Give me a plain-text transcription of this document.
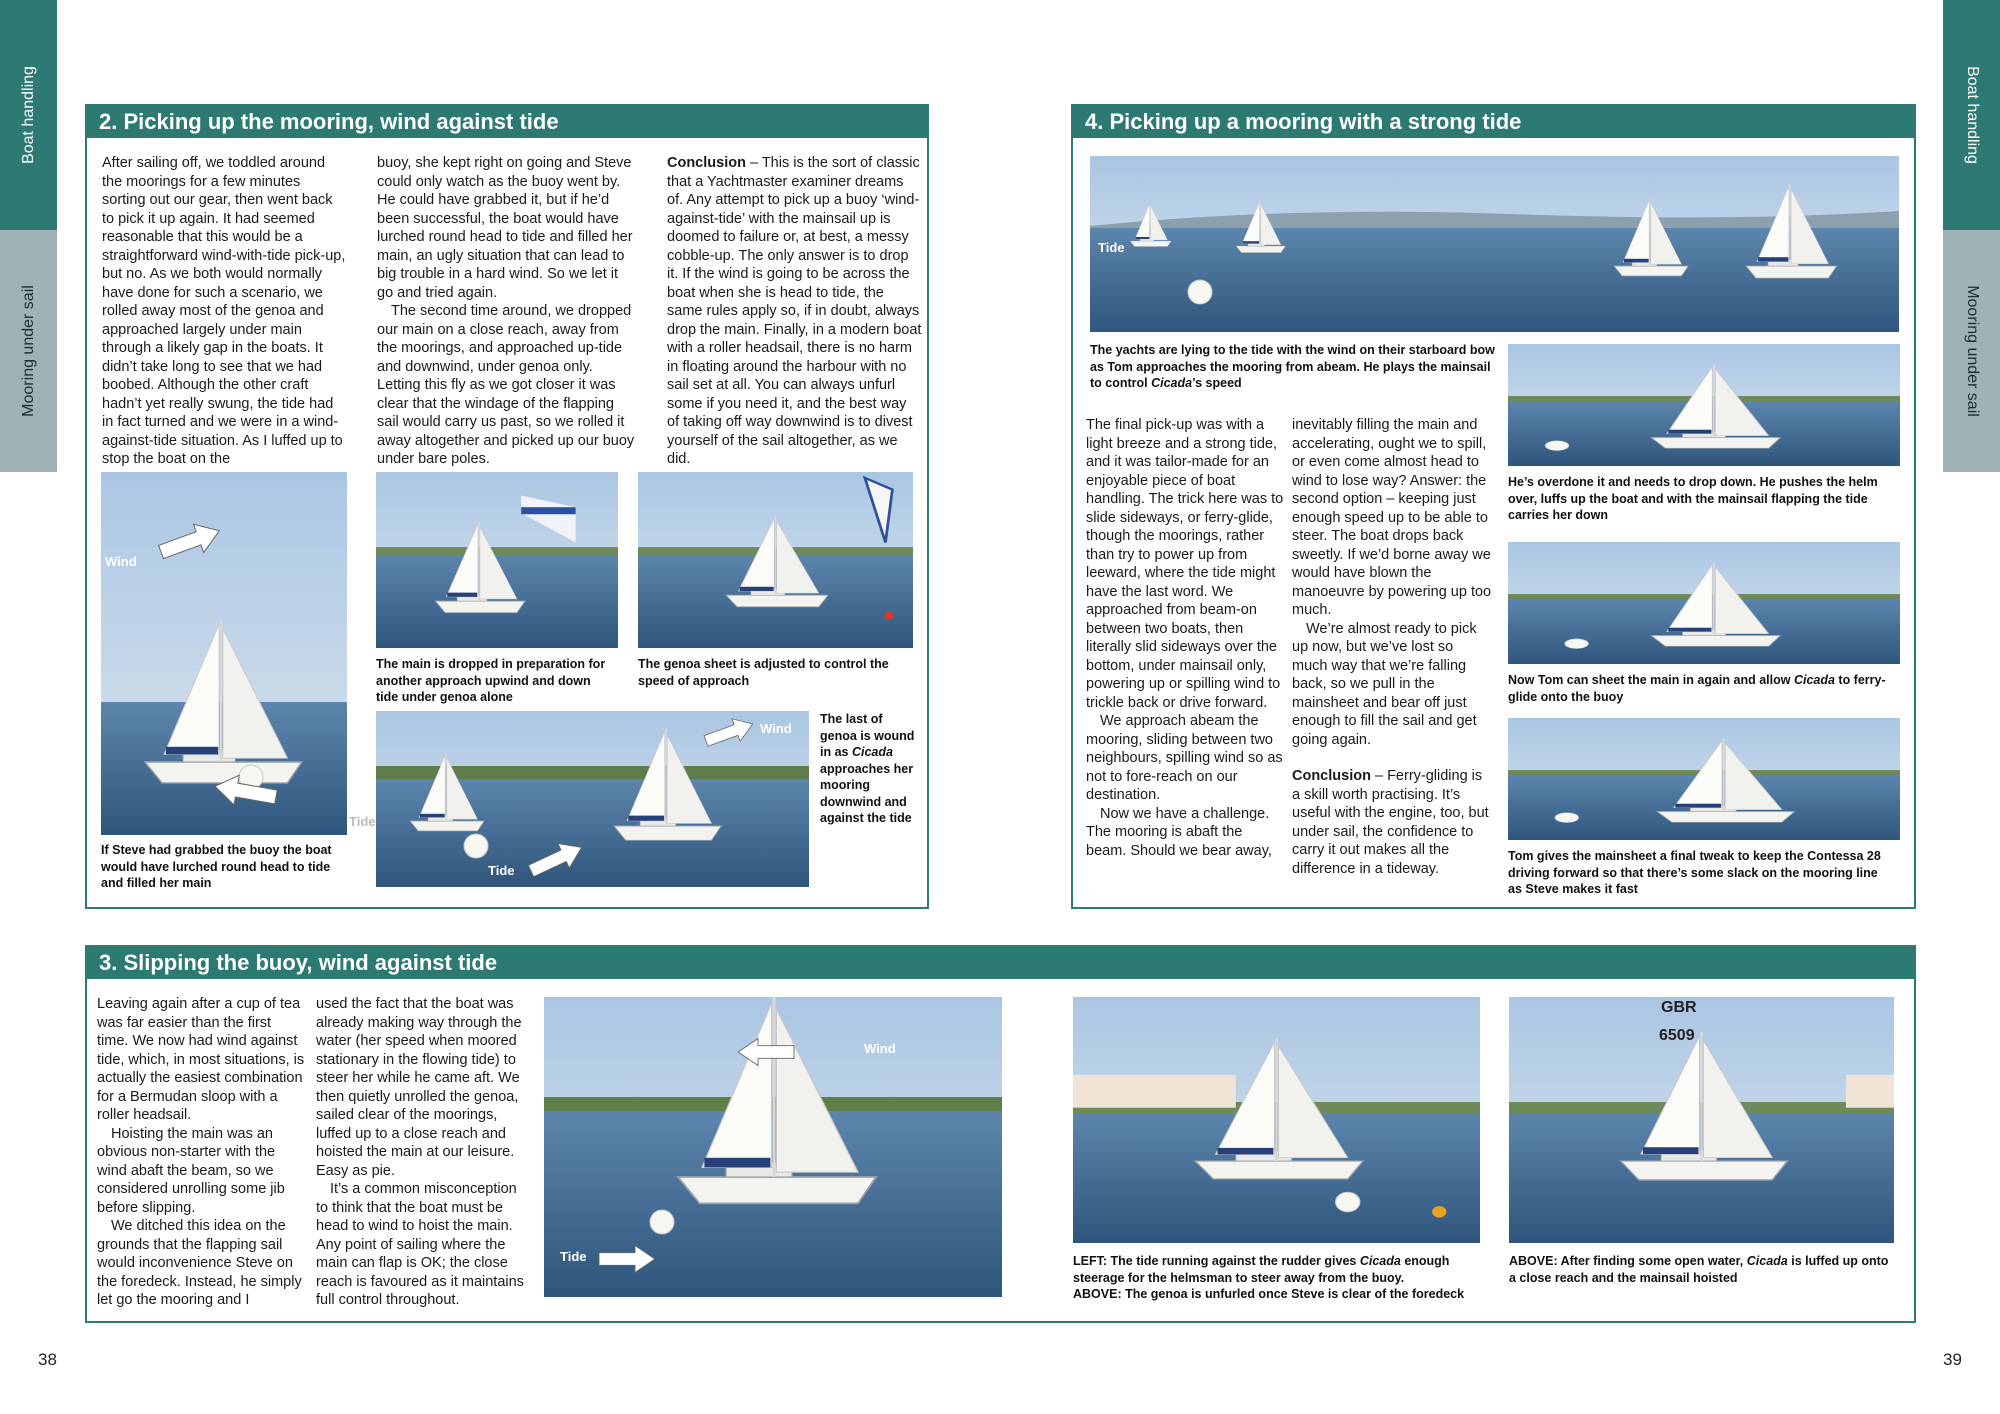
Boat handling
Mooring under sail
Boat handling
Mooring under sail
2. Picking up the mooring, wind against tide

After sailing off, we toddled around the moorings for a few minutes sorting out our gear, then went back to pick it up again. It had seemed reasonable that this would be a straightforward wind-with-tide pick-up, but no. As we both would normally have done for such a scenario, we rolled away most of the genoa and approached largely under main through a likely gap in the boats. It didn’t take long to see that we had boobed. Although the other craft hadn’t yet really swung, the tide had in fact turned and we were in a wind-against-tide situation. As I luffed up to stop the boat on the

buoy, she kept right on going and Steve could only watch as the buoy went by. He could have grabbed it, but if he’d been successful, the boat would have lurched round head to tide and filled her main, an ugly situation that can lead to big trouble in a hard wind. So we let it go and tried again.

The second time around, we dropped our main on a close reach, away from the moorings, and approached up-tide and downwind, under genoa only. Letting this fly as we got closer it was clear that the windage of the flapping sail would carry us past, so we rolled it away altogether and picked up our buoy under bare poles.

Conclusion – This is the sort of classic that a Yachtmaster examiner dreams of. Any attempt to pick up a buoy ‘wind-against-tide’ with the mainsail up is doomed to failure or, at best, a messy cobble-up. The only answer is to drop it. If the wind is going to be across the boat when she is head to tide, the same rules apply so, if in doubt, always drop the main. Finally, in a modern boat with a roller headsail, there is no harm in floating around the harbour with no sail set at all. You can always unfurl some if you need it, and the best way of taking off way downwind is to divest yourself of the sail altogether, as we did.

Wind
Tide
If Steve had grabbed the buoy the boat would have lurched round head to tide and filled her main
The main is dropped in preparation for another approach upwind and down tide under genoa alone
The genoa sheet is adjusted to control the speed of approach
Wind
Tide
The last of genoa is wound in as Cicada approaches her mooring downwind and against the tide
4. Picking up a mooring with a strong tide
Tide
The yachts are lying to the tide with the wind on their starboard bow as Tom approaches the mooring from abeam. He plays the mainsail to control Cicada’s speed

The final pick-up was with a light breeze and a strong tide, and it was tailor-made for an enjoyable piece of boat handling. The trick here was to slide sideways, or ferry-glide, though the moorings, rather than try to power up from leeward, where the tide might have the last word. We approached from beam-on between two boats, then literally slid sideways over the bottom, under mainsail only, powering up or spilling wind to trickle back or drive forward.

We approach abeam the mooring, sliding between two neighbours, spilling wind so as not to fore-reach on our destination.

Now we have a challenge. The mooring is abaft the beam. Should we bear away,

inevitably filling the main and accelerating, ought we to spill, or even come almost head to wind to lose way? Answer: the second option – keeping just enough speed up to be able to steer. The boat drops back sweetly. If we’d borne away we would have blown the manoeuvre by powering up too much.

We’re almost ready to pick up now, but we’ve lost so much way that we’re falling back, so we pull in the mainsheet and bear off just enough to fill the sail and get going again.

Conclusion – Ferry-gliding is a skill worth practising. It’s useful with the engine, too, but under sail, the confidence to carry it out makes all the difference in a tideway.

He’s overdone it and needs to drop down. He pushes the helm over, luffs up the boat and with the mainsail flapping the tide carries her down
Now Tom can sheet the main in again and allow Cicada to ferry-glide onto the buoy
Tom gives the mainsheet a final tweak to keep the Contessa 28 driving forward so that there’s some slack on the mooring line as Steve makes it fast
3. Slipping the buoy, wind against tide

Leaving again after a cup of tea was far easier than the first time. We now had wind against tide, which, in most situations, is actually the easiest combination for a Bermudan sloop with a roller headsail.

Hoisting the main was an obvious non-starter with the wind abaft the beam, so we considered unrolling some jib before slipping.

We ditched this idea on the grounds that the flapping sail would inconvenience Steve on the foredeck. Instead, he simply let go the mooring and I

used the fact that the boat was already making way through the water (her speed when moored stationary in the flowing tide) to steer her while he came aft. We then quietly unrolled the genoa, sailed clear of the moorings, luffed up to a close reach and hoisted the main at our leisure. Easy as pie.

It’s a common misconception to think that the boat must be head to wind to hoist the main. Any point of sailing where the main can flap is OK; the close reach is favoured as it maintains full control throughout.

Wind
Tide	LEFT: The tide running against the rudder gives Cicada enough steerage for the helmsman to steer away from the buoy.
ABOVE: The genoa is unfurled once Steve is clear of the foredeck
GBR
6509
ABOVE: After finding some open water, Cicada is luffed up onto a close reach and the mainsail hoisted
38	39
